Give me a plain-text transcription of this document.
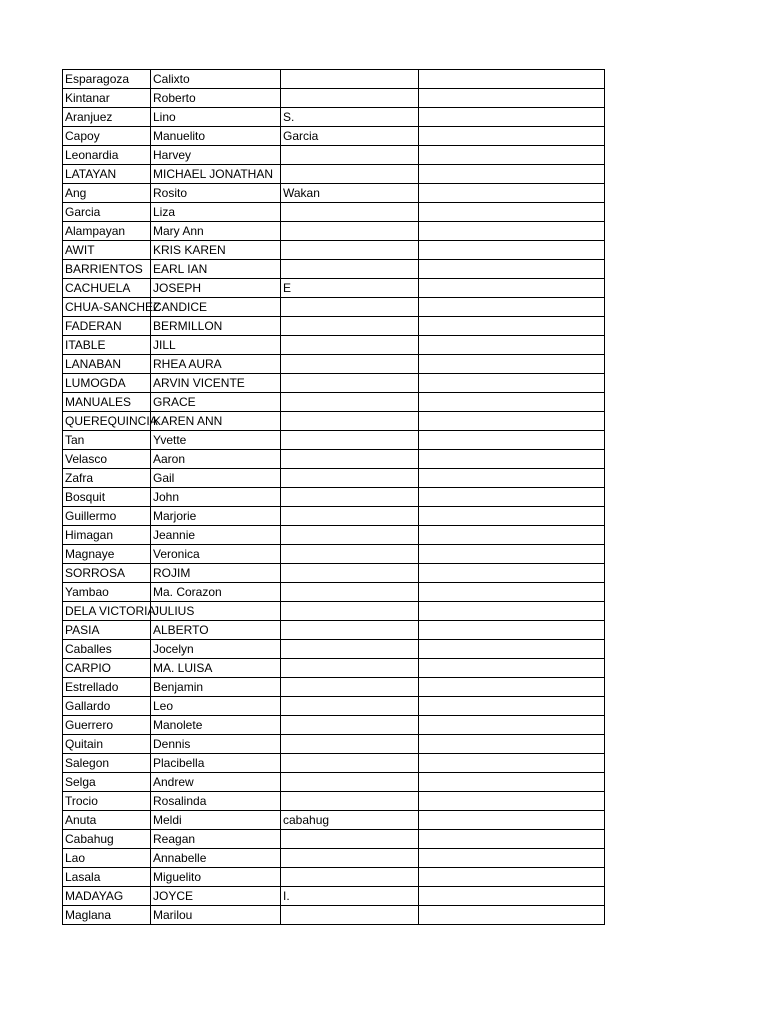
Esparagoza	Calixto		
Kintanar	Roberto		
Aranjuez	Lino	S.	
Capoy	Manuelito	Garcia	
Leonardia	Harvey		
LATAYAN	MICHAEL JONATHAN		
Ang	Rosito	Wakan	
Garcia	Liza		
Alampayan	Mary Ann		
AWIT	KRIS KAREN		
BARRIENTOS	EARL IAN		
CACHUELA	JOSEPH	E	
CHUA-SANCHEZ	CANDICE		
FADERAN	BERMILLON		
ITABLE	JILL		
LANABAN	RHEA AURA		
LUMOGDA	ARVIN VICENTE		
MANUALES	GRACE		
QUEREQUINCIA	KAREN ANN		
Tan	Yvette		
Velasco	Aaron		
Zafra	Gail		
Bosquit	John		
Guillermo	Marjorie		
Himagan	Jeannie		
Magnaye	Veronica		
SORROSA	ROJIM		
Yambao	Ma. Corazon		
DELA VICTORIA	JULIUS		
PASIA	ALBERTO		
Caballes	Jocelyn		
CARPIO	MA. LUISA		
Estrellado	Benjamin		
Gallardo	Leo		
Guerrero	Manolete		
Quitain	Dennis		
Salegon	Placibella		
Selga	Andrew		
Trocio	Rosalinda		
Anuta	Meldi	cabahug	
Cabahug	Reagan		
Lao	Annabelle		
Lasala	Miguelito		
MADAYAG	JOYCE	I.	
Maglana	Marilou		
